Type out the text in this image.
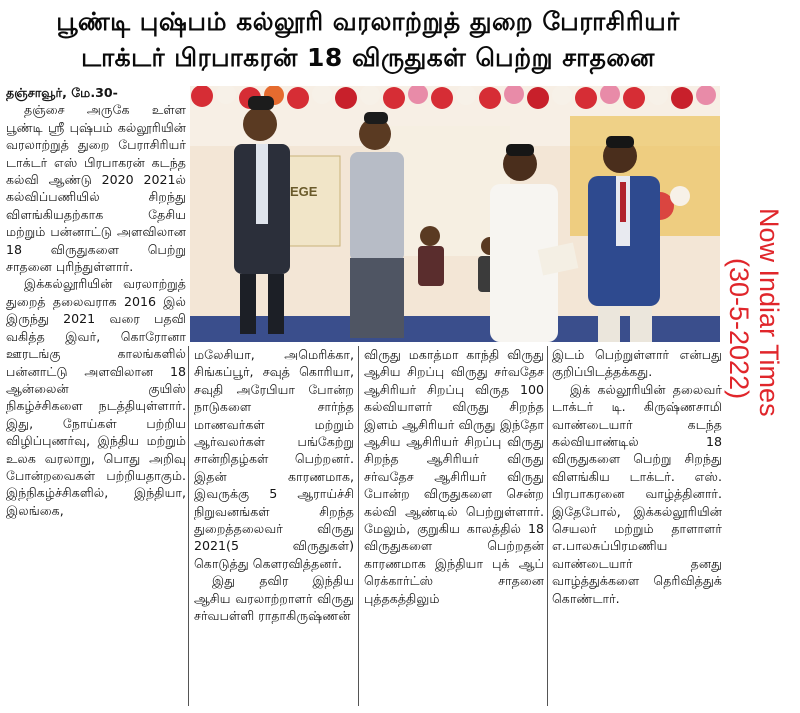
பூண்டி புஷ்பம் கல்லூரி வரலாற்றுத் துறை பேராசிரியர்
டாக்டர் பிரபாகரன் 18 விருதுகள் பெற்று சாதனை
EGE
Now Indiar Times
(30-5-2022)

தஞ்சாவூர், மே.30-

தஞ்சை அருகே உள்ள பூண்டி ஸ்ரீ புஷ்பம் கல்லூரியின் வரலாற்றுத் துறை பேராசிரியர் டாக்டர் எஸ் பிரபாகரன் கடந்த கல்வி ஆண்டு 2020 2021ல் கல்விப்பணியில் சிறந்து விளங்கியதற்காக தேசிய மற்றும் பன்னாட்டு அளவிலான 18 விருதுகளை பெற்று சாதனை புரிந்துள்ளார்.

இக்கல்லூரியின் வரலாற்றுத் துறைத் தலைவராக 2016 இல் இருந்து 2021 வரை பதவி வகித்த இவர், கொரோனா ஊரடங்கு காலங்களில் பன்னாட்டு அளவிலான 18 ஆன்லைன் குயிஸ் நிகழ்ச்சிகளை நடத்தியுள்ளார். இது, நோய்கள் பற்றிய விழிப்புணர்வு, இந்திய மற்றும் உலக வரலாறு, பொது அறிவு போன்றவைகள் பற்றியதாகும். இந்நிகழ்ச்சிகளில், இந்தியா, இலங்கை,

மலேசியா, அமெரிக்கா, சிங்கப்பூர், சவுத் கொரியா, சவுதி அரேபியா போன்ற நாடுகளை சார்ந்த மாணவர்கள் மற்றும் ஆர்வலர்கள் பங்கேற்று சான்றிதழ்கள் பெற்றனர். இதன் காரணமாக, இவருக்கு 5 ஆராய்ச்சி நிறுவனங்கள் சிறந்த துறைத்தலைவர் விருது 2021(5 விருதுகள்) கொடுத்து கௌரவித்தனர்.

இது தவிர இந்திய ஆசிய வரலாற்றாளர் விருது சர்வபள்ளி ராதாகிருஷ்ணன்

விருது மகாத்மா காந்தி விருது ஆசிய சிறப்பு விருது சர்வதேச ஆசிரியர் சிறப்பு விருத 100 கல்வியாளர் விருது சிறந்த இளம் ஆசிரியர் விருது இந்தோ ஆசிய ஆசிரியர் சிறப்பு விருது சிறந்த ஆசிரியர் விருது சர்வதேச ஆசிரியர் விருது போன்ற விருதுகளை சென்ற கல்வி ஆண்டில் பெற்றுள்ளார். மேலும், குறுகிய காலத்தில் 18 விருதுகளை பெற்றதன் காரணமாக இந்தியா புக் ஆப் ரெக்கார்ட்ஸ் சாதனை புத்தகத்திலும்

இடம் பெற்றுள்ளார் என்பது குறிப்பிடத்தக்கது.

இக் கல்லூரியின் தலைவர் டாக்டர் டி. கிருஷ்ணசாமி வாண்டையார் கடந்த கல்வியாண்டில் 18 விருதுகளை பெற்று சிறந்து விளங்கிய டாக்டர். எஸ். பிரபாகரனை வாழ்த்தினார். இதேபோல், இக்கல்லூரியின் செயலர் மற்றும் தாளாளர் எ.பாலசுப்பிரமணிய வாண்டையார் தனது வாழ்த்துக்களை தெரிவித்துக் கொண்டார்.
